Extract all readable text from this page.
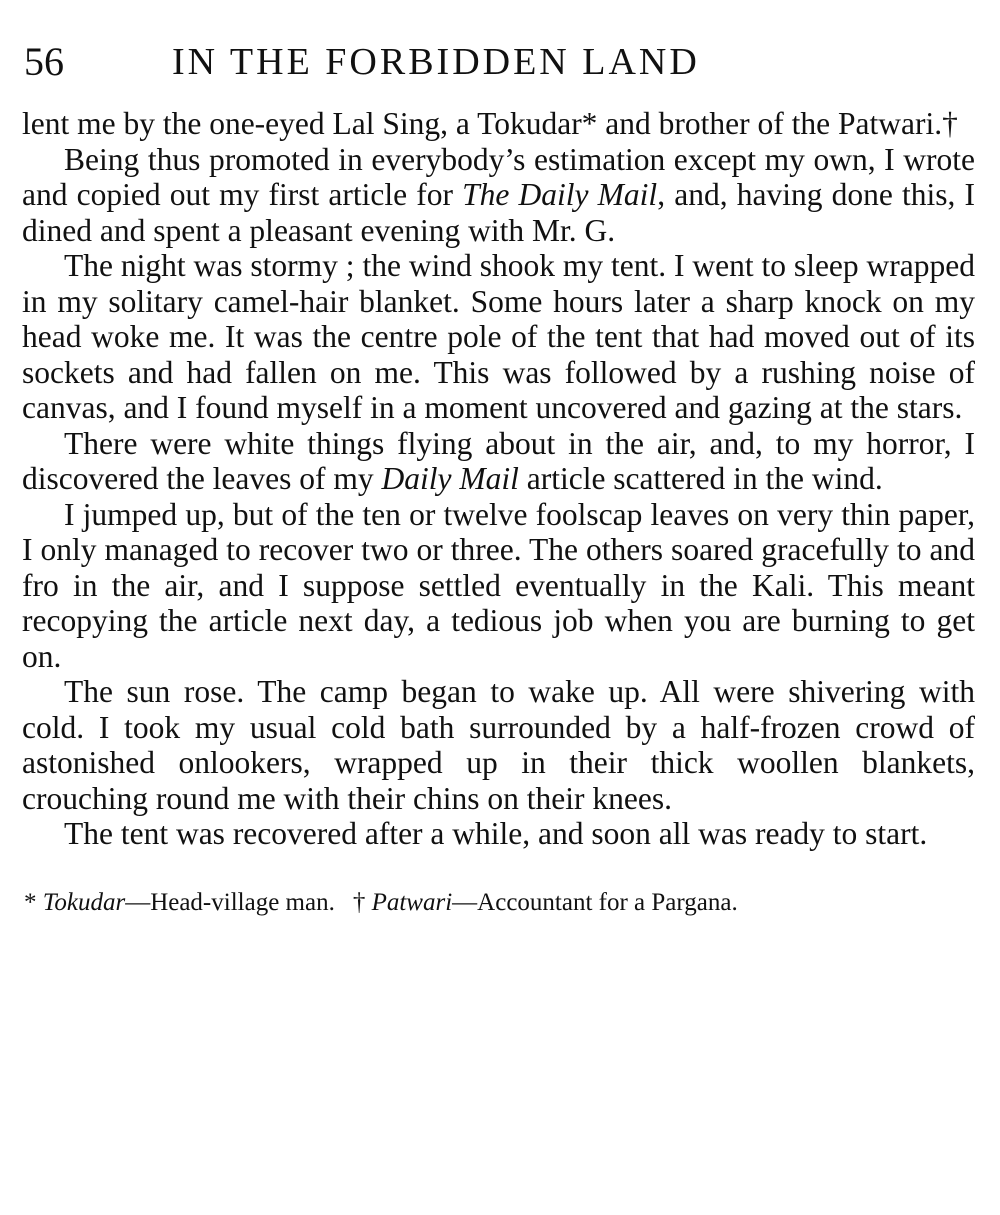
56	IN THE FORBIDDEN LAND

lent me by the one-eyed Lal Sing, a Tokudar* and brother of the Patwari.†

Being thus promoted in everybody’s estimation except my own, I wrote and copied out my first article for The Daily Mail, and, having done this, I dined and spent a pleasant evening with Mr. G.

The night was stormy ; the wind shook my tent. I went to sleep wrapped in my solitary camel-hair blanket. Some hours later a sharp knock on my head woke me. It was the centre pole of the tent that had moved out of its sockets and had fallen on me. This was followed by a rushing noise of canvas, and I found myself in a moment uncovered and gazing at the stars.

There were white things flying about in the air, and, to my horror, I discovered the leaves of my Daily Mail article scattered in the wind.

I jumped up, but of the ten or twelve foolscap leaves on very thin paper, I only managed to recover two or three. The others soared gracefully to and fro in the air, and I suppose settled eventually in the Kali. This meant recopying the article next day, a tedious job when you are burning to get on.

The sun rose. The camp began to wake up. All were shivering with cold. I took my usual cold bath surrounded by a half-frozen crowd of astonished onlookers, wrapped up in their thick woollen blankets, crouching round me with their chins on their knees.

The tent was recovered after a while, and soon all was ready to start.

* Tokudar—Head-village man. † Patwari—Accountant for a Pargana.
